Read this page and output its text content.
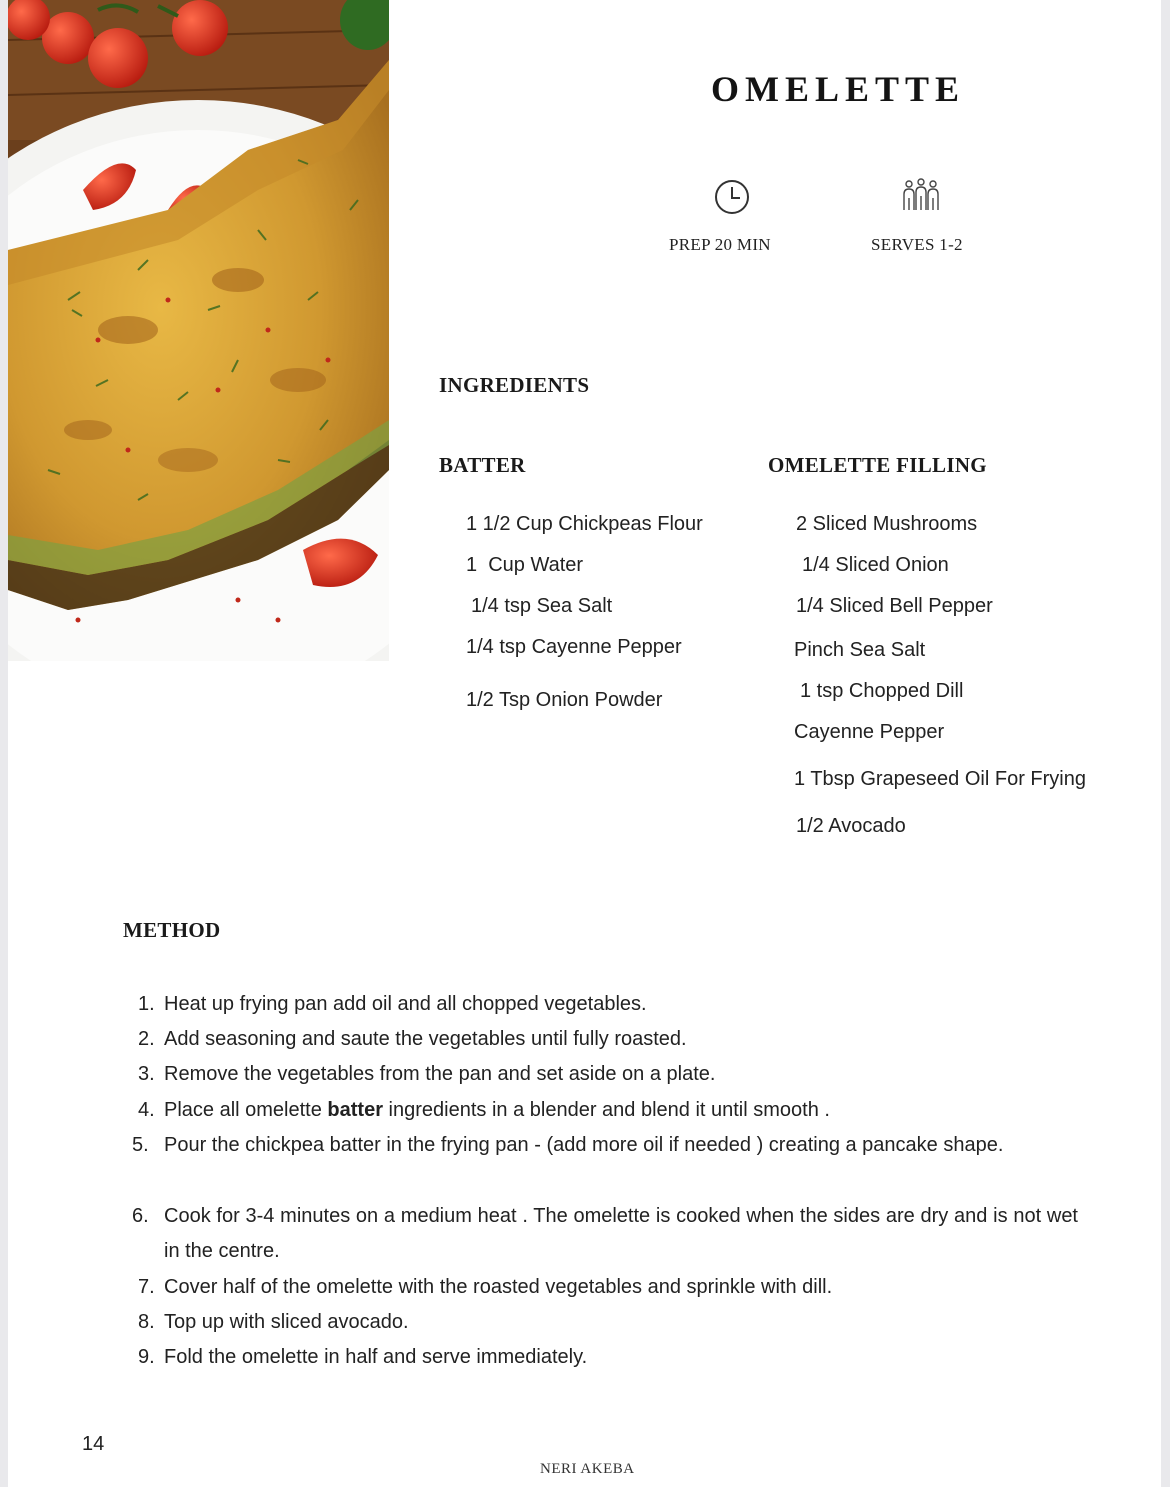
OMELETTE
PREP 20 MIN	SERVES 1-2
INGREDIENTS
BATTER	OMELETTE FILLING
1 1/2 Cup Chickpeas Flour
1  Cup Water
1/4 tsp Sea Salt
1/4 tsp Cayenne Pepper
1/2 Tsp Onion Powder
2 Sliced Mushrooms
1/4 Sliced Onion
1/4 Sliced Bell Pepper
Pinch Sea Salt
1 tsp Chopped Dill
Cayenne Pepper
1 Tbsp Grapeseed Oil For Frying
1/2 Avocado
METHOD
1. Heat up frying pan add oil and all chopped vegetables.
2. Add seasoning and saute the vegetables until fully roasted.
3. Remove the vegetables from the pan and set aside on a plate.
4. Place all omelette batter ingredients in a blender and blend it until smooth .
5. Pour the chickpea batter in the frying pan - (add more oil if needed ) creating a pancake shape.
6. Cook for 3-4 minutes on a medium heat . The omelette is cooked when the sides are dry and is not wet in the centre.
7. Cover half of the omelette with the roasted vegetables and sprinkle with dill.
8. Top up with sliced avocado.
9. Fold the omelette in half and serve immediately.
14
NERI AKEBA
